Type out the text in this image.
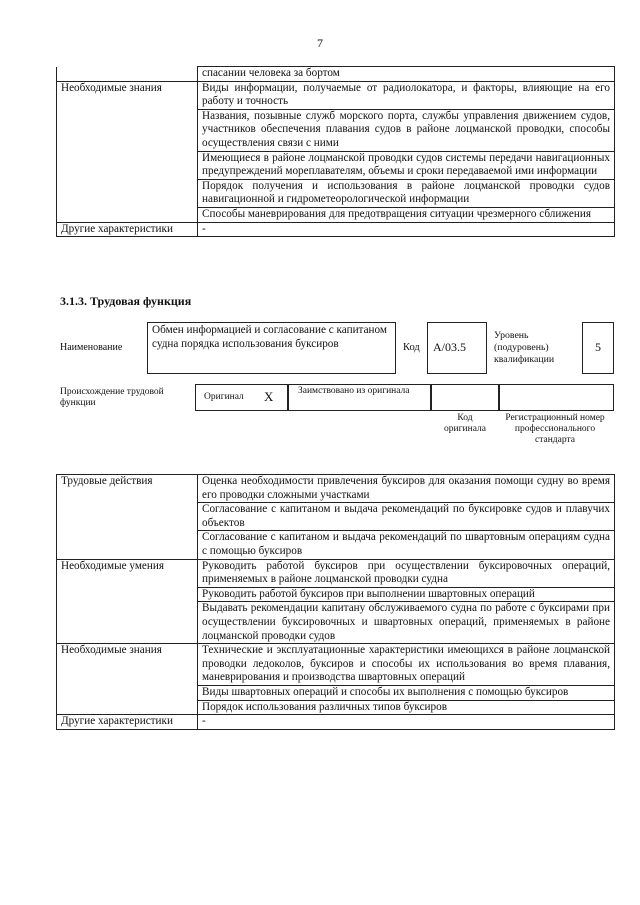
7
	спасании человека за бортом
Необходимые знания	Виды информации, получаемые от радиолокатора, и факторы, влияющие на его работу и точность
	Названия, позывные служб морского порта, службы управления движением судов, участников обеспечения плавания судов в районе лоцманской проводки, способы осуществления связи с ними
	Имеющиеся в районе лоцманской проводки судов системы передачи навигационных предупреждений мореплавателям, объемы и сроки передаваемой ими информации
	Порядок получения и использования в районе лоцманской проводки судов навигационной и гидрометеорологической информации
	Способы маневрирования для предотвращения ситуации чрезмерного сближения
Другие характеристики	-
3.1.3. Трудовая функция
Наименование
Обмен информацией и согласование с капитаном судна порядка использования буксиров	Код A/03.5
Уровень (подуровень) квалификации
5
Происхождение трудовой функции
Оригинал X	Заимствовано из оригинала
Код оригинала
Регистрационный номер профессионального стандарта
Трудовые действия	Оценка необходимости привлечения буксиров для оказания помощи судну во время его проводки сложными участками
	Согласование с капитаном и выдача рекомендаций по буксировке судов и плавучих объектов
	Согласование с капитаном и выдача рекомендаций по швартовным операциям судна с помощью буксиров
Необходимые умения	Руководить работой буксиров при осуществлении буксировочных операций, применяемых в районе лоцманской проводки судна
	Руководить работой буксиров при выполнении швартовных операций
	Выдавать рекомендации капитану обслуживаемого судна по работе с буксирами при осуществлении буксировочных и швартовных операций, применяемых в районе лоцманской проводки судов
Необходимые знания	Технические и эксплуатационные характеристики имеющихся в районе лоцманской проводки ледоколов, буксиров и способы их использования во время плавания, маневрирования и производства швартовных операций
	Виды швартовных операций и способы их выполнения с помощью буксиров
	Порядок использования различных типов буксиров
Другие характеристики	-
